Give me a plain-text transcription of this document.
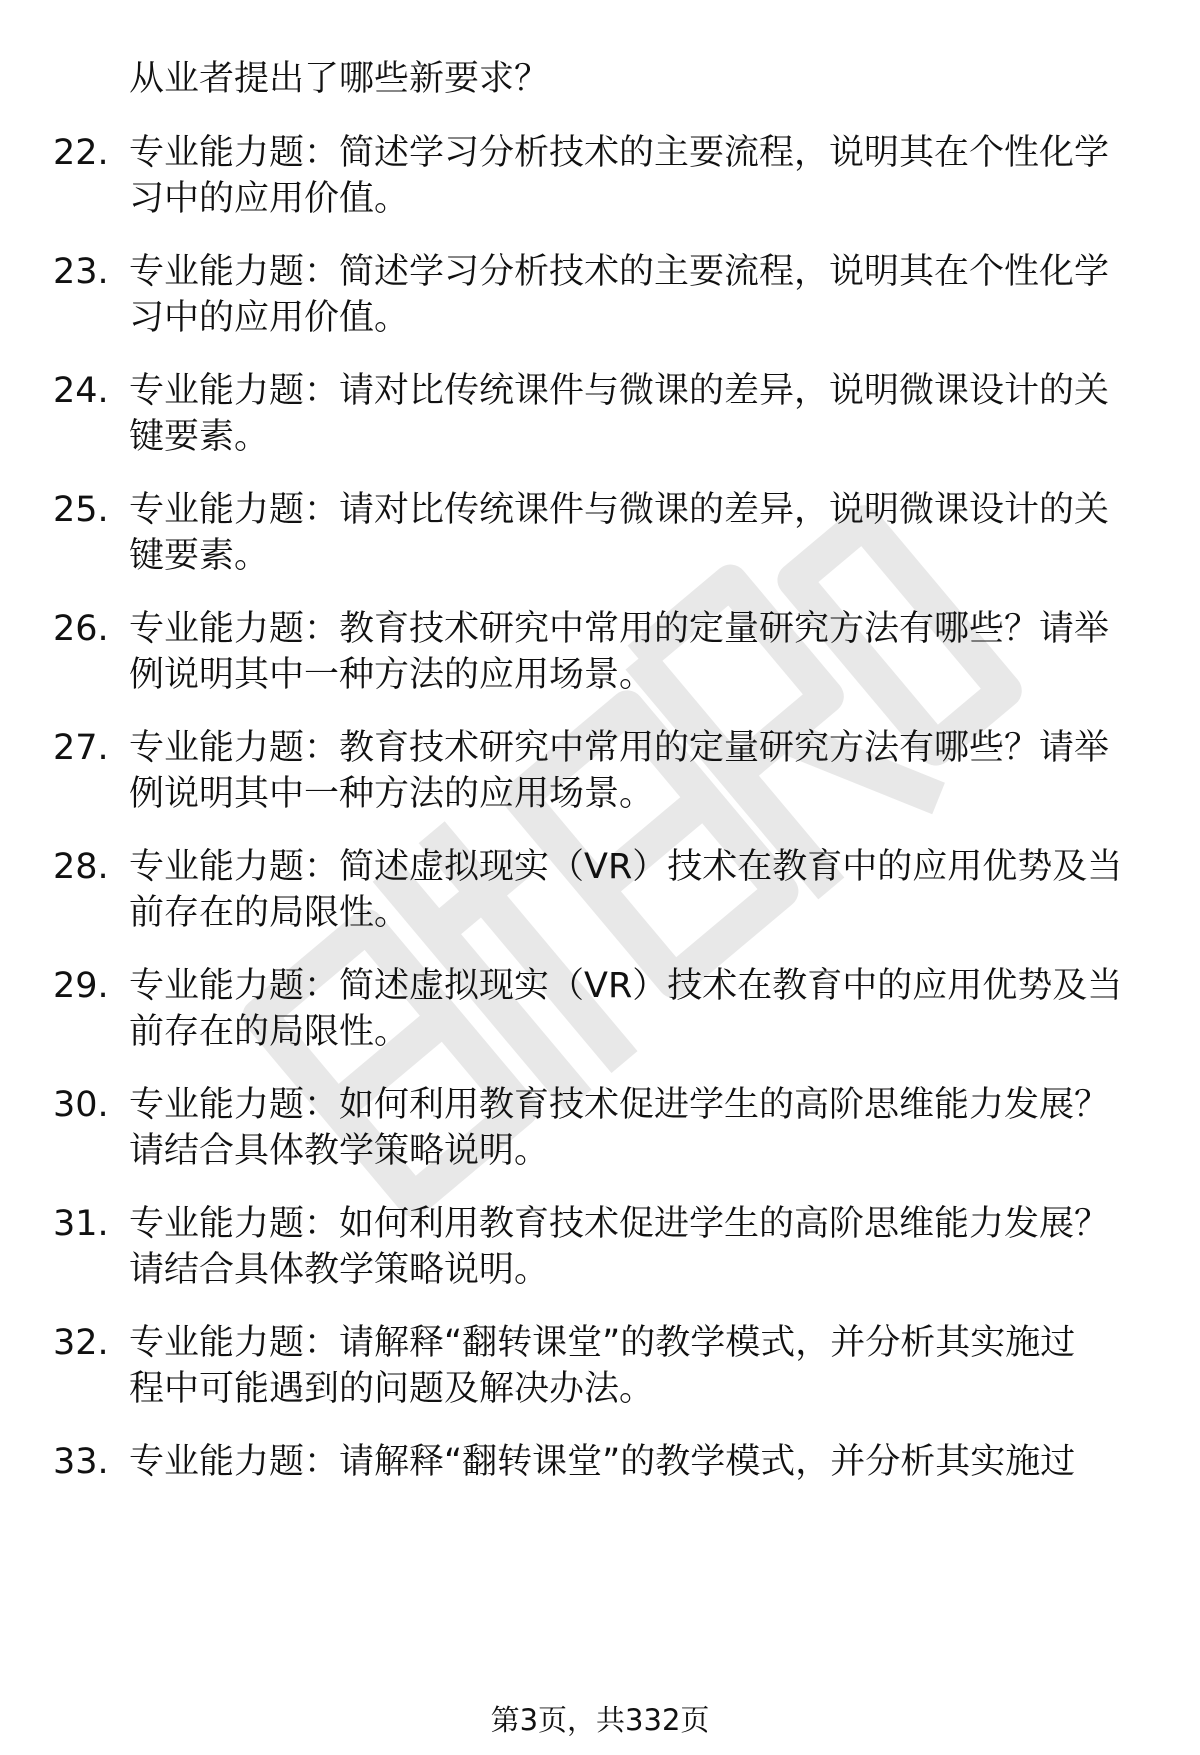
从业者提出了哪些新要求？
22. 专业能力题：简述学习分析技术的主要流程，说明其在个性化学
习中的应用价值。
23. 专业能力题：简述学习分析技术的主要流程，说明其在个性化学
习中的应用价值。
24. 专业能力题：请对比传统课件与微课的差异，说明微课设计的关
键要素。
25. 专业能力题：请对比传统课件与微课的差异，说明微课设计的关
键要素。
26. 专业能力题：教育技术研究中常用的定量研究方法有哪些？请举
例说明其中一种方法的应用场景。
27. 专业能力题：教育技术研究中常用的定量研究方法有哪些？请举
例说明其中一种方法的应用场景。
28. 专业能力题：简述虚拟现实（VR）技术在教育中的应用优势及当
前存在的局限性。
29. 专业能力题：简述虚拟现实（VR）技术在教育中的应用优势及当
前存在的局限性。
30. 专业能力题：如何利用教育技术促进学生的高阶思维能力发展？
请结合具体教学策略说明。
31. 专业能力题：如何利用教育技术促进学生的高阶思维能力发展？
请结合具体教学策略说明。
32. 专业能力题：请解释“翻转课堂”的教学模式，并分析其实施过
程中可能遇到的问题及解决办法。
33. 专业能力题：请解释“翻转课堂”的教学模式，并分析其实施过
第3页，共332页
